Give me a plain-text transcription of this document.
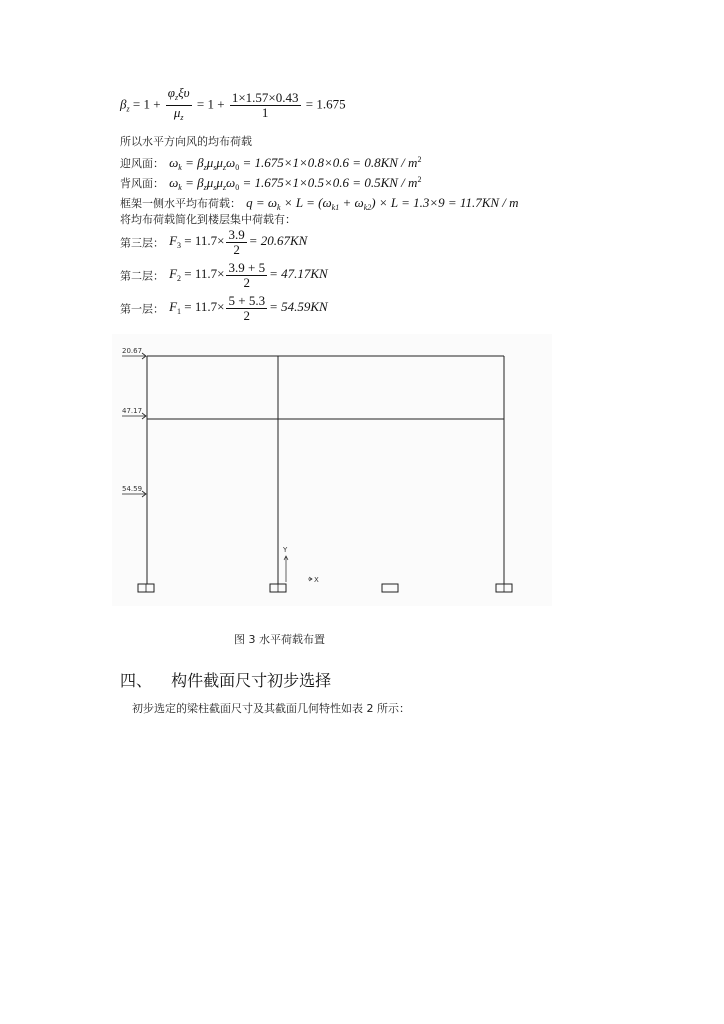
$\beta_z = 1 + \frac{\varphi_z\xi\upsilon}{\mu_z} = 1 + \frac{1\times 1.57\times 0.43}{1} = 1.675$
所以水平方向风的均布荷载
迎风面： $\omega_k = \beta_z\mu_s\mu_z\omega_0 = 1.675\times 1\times 0.8\times 0.6 = 0.8KN / m^2$
背风面： $\omega_k = \beta_z\mu_s\mu_z\omega_0 = 1.675\times 1\times 0.5\times 0.6 = 0.5KN / m^2$
框架一侧水平均布荷载： $q = \omega_k \times L = (\omega_{k1} + \omega_{k2}) \times L = 1.3\times 9 = 11.7KN / m$
将均布荷载简化到楼层集中荷载有：
第三层： $F_3 = 11.7\times \frac{3.9}{2} = 20.67KN$
第二层： $F_2 = 11.7\times \frac{3.9 + 5}{2} = 47.17KN$
第一层： $F_1 = 11.7\times \frac{5 + 5.3}{2} = 54.59KN$
20.67
47.17
54.59
Y
X
图 3 水平荷载布置
四、 构件截面尺寸初步选择
初步选定的梁柱截面尺寸及其截面几何特性如表 2 所示：
